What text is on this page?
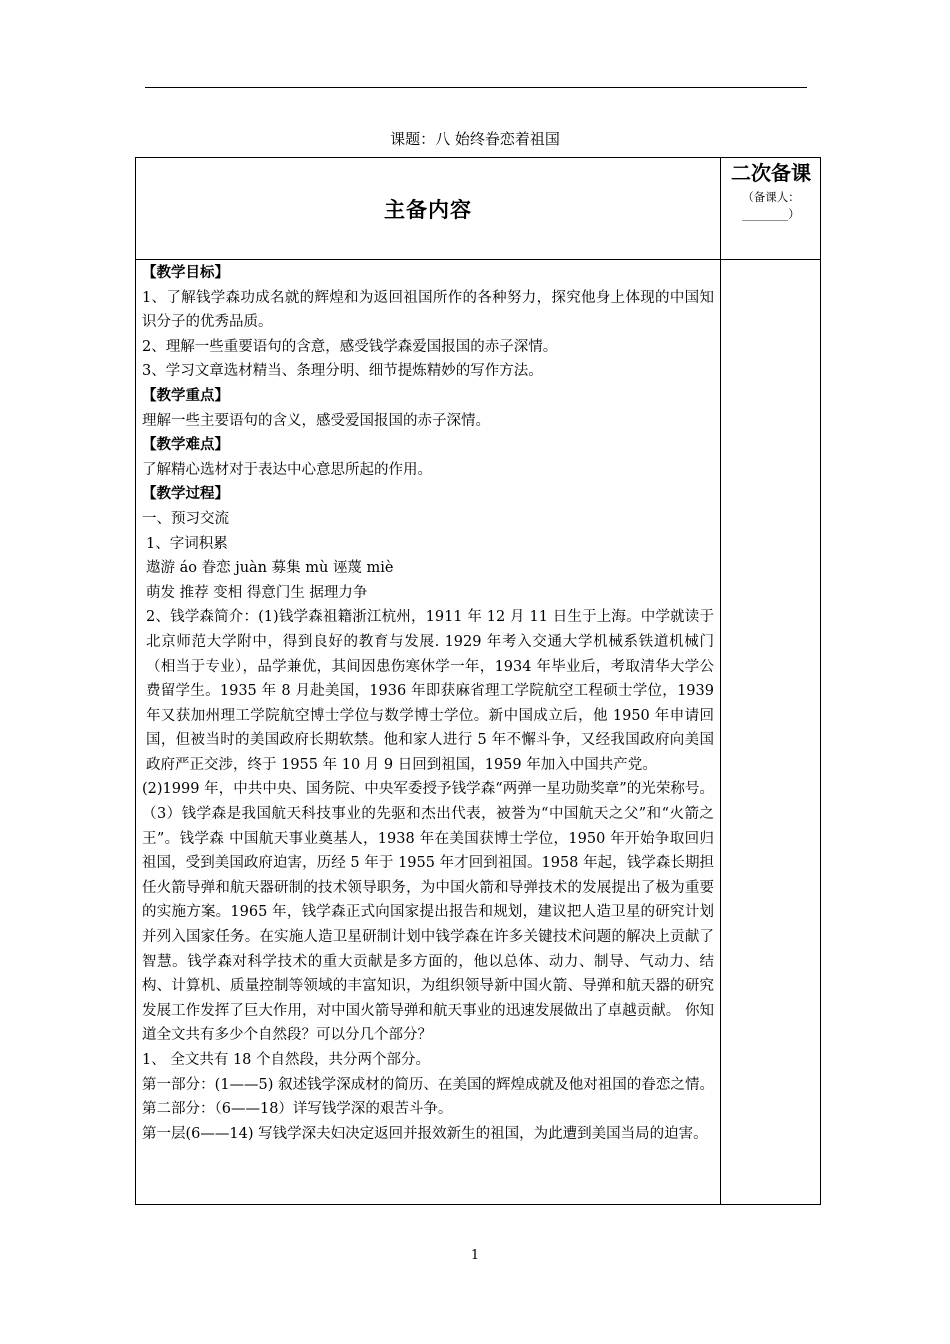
课题：八 始终眷恋着祖国
主备内容
二次备课
（备课人：________）

【教学目标】

1、了解钱学森功成名就的辉煌和为返回祖国所作的各种努力，探究他身上体现的中国知识分子的优秀品质。

2、理解一些重要语句的含意，感受钱学森爱国报国的赤子深情。

3、学习文章选材精当、条理分明、细节提炼精妙的写作方法。

【教学重点】

理解一些主要语句的含义，感受爱国报国的赤子深情。

【教学难点】

了解精心选材对于表达中心意思所起的作用。

【教学过程】

一、预习交流

1、字词积累

遨游 áo 眷恋 juàn 募集 mù 诬蔑 miè

萌发 推荐 变相 得意门生 据理力争

2、钱学森简介：(1)钱学森祖籍浙江杭州，1911 年 12 月 11 日生于上海。中学就读于北京师范大学附中，得到良好的教育与发展. 1929 年考入交通大学机械系铁道机械门（相当于专业），品学兼优，其间因患伤寒休学一年，1934 年毕业后，考取清华大学公费留学生。1935 年 8 月赴美国，1936 年即获麻省理工学院航空工程硕士学位，1939 年又获加州理工学院航空博士学位与数学博士学位。新中国成立后，他 1950 年申请回国，但被当时的美国政府长期软禁。他和家人进行 5 年不懈斗争，又经我国政府向美国政府严正交涉，终于 1955 年 10 月 9 日回到祖国，1959 年加入中国共产党。

(2)1999 年，中共中央、国务院、中央军委授予钱学森“两弹一星功勋奖章”的光荣称号。（3）钱学森是我国航天科技事业的先驱和杰出代表，被誉为“中国航天之父”和“火箭之王”。钱学森 中国航天事业奠基人，1938 年在美国获博士学位，1950 年开始争取回归祖国，受到美国政府迫害，历经 5 年于 1955 年才回到祖国。1958 年起，钱学森长期担任火箭导弹和航天器研制的技术领导职务，为中国火箭和导弹技术的发展提出了极为重要的实施方案。1965 年，钱学森正式向国家提出报告和规划，建议把人造卫星的研究计划并列入国家任务。在实施人造卫星研制计划中钱学森在许多关键技术问题的解决上贡献了智慧。钱学森对科学技术的重大贡献是多方面的，他以总体、动力、制导、气动力、结构、计算机、质量控制等领域的丰富知识，为组织领导新中国火箭、导弹和航天器的研究发展工作发挥了巨大作用，对中国火箭导弹和航天事业的迅速发展做出了卓越贡献。 你知道全文共有多少个自然段？可以分几个部分？

1、 全文共有 18 个自然段，共分两个部分。

第一部分：(1——5) 叙述钱学深成材的简历、在美国的辉煌成就及他对祖国的眷恋之情。 第二部分：（6——18）详写钱学深的艰苦斗争。

第一层(6——14) 写钱学深夫妇决定返回并报效新生的祖国，为此遭到美国当局的迫害。

1
